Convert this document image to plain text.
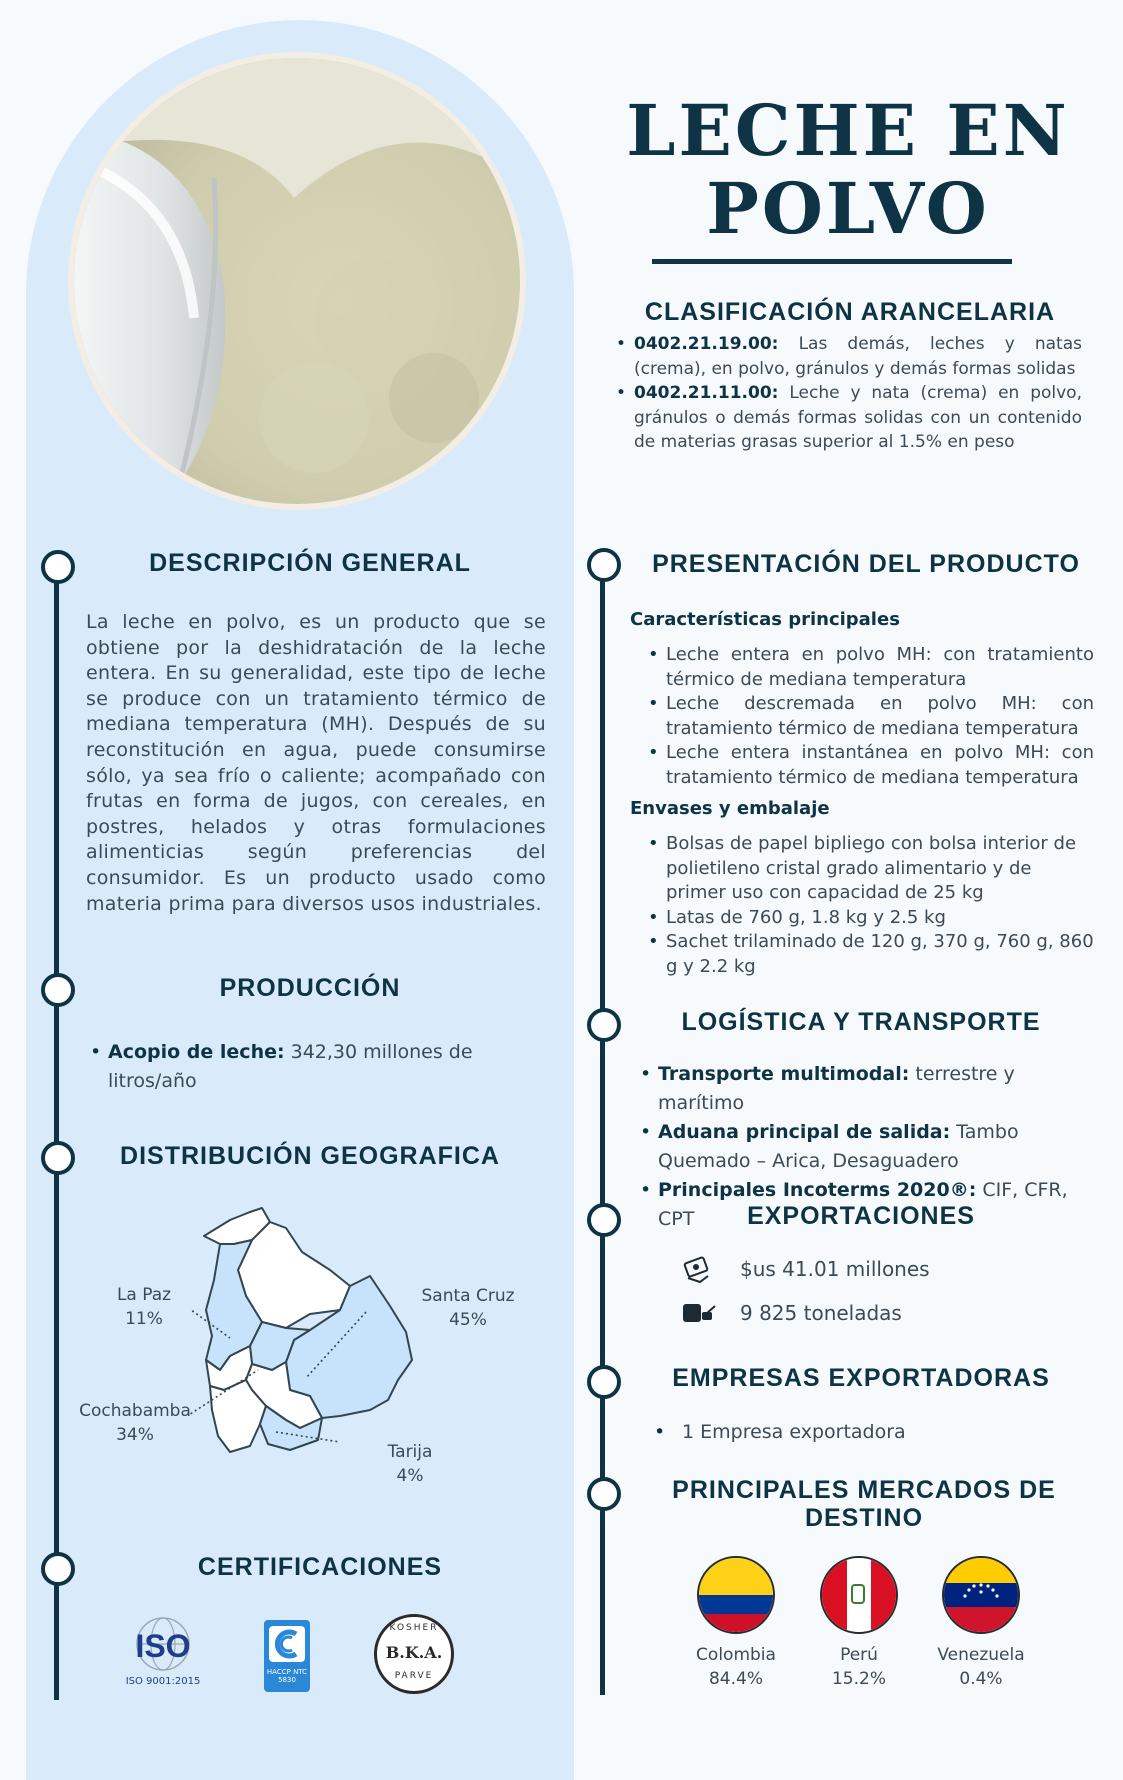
LECHE EN POLVO
CLASIFICACIÓN ARANCELARIA
• 0402.21.19.00: Las demás, leches y natas (crema), en polvo, gránulos y demás formas solidas
• 0402.21.11.00: Leche y nata (crema) en polvo, gránulos o demás formas solidas con un contenido de materias grasas superior al 1.5% en peso
DESCRIPCIÓN GENERAL
La leche en polvo, es un producto que se obtiene por la deshidratación de la leche entera. En su generalidad, este tipo de leche se produce con un tratamiento térmico de mediana temperatura (MH). Después de su reconstitución en agua, puede consumirse sólo, ya sea frío o caliente; acompañado con frutas en forma de jugos, con cereales, en postres, helados y otras formulaciones alimenticias según preferencias del consumidor. Es un producto usado como materia prima para diversos usos industriales.
PRODUCCIÓN
• Acopio de leche: 342,30 millones de litros/año
DISTRIBUCIÓN GEOGRAFICA
La Paz
11%
Santa Cruz
45%
Cochabamba
34%
Tarija
4%
CERTIFICACIONES
ISO
ISO 9001:2015
HACCP NTC 5830
KOSHER
B.K.A.
PARVE
PRESENTACIÓN DEL PRODUCTO
Características principales
• Leche entera en polvo MH: con tratamiento térmico de mediana temperatura
• Leche descremada en polvo MH: con tratamiento térmico de mediana temperatura
• Leche entera instantánea en polvo MH: con tratamiento térmico de mediana temperatura
Envases y embalaje
• Bolsas de papel bipliego con bolsa interior de polietileno cristal grado alimentario y de primer uso con capacidad de 25 kg
• Latas de 760 g, 1.8 kg y 2.5 kg
• Sachet trilaminado de 120 g, 370 g, 760 g, 860 g y 2.2 kg
LOGÍSTICA Y TRANSPORTE
• Transporte multimodal: terrestre y marítimo
• Aduana principal de salida: Tambo Quemado – Arica, Desaguadero
• Principales Incoterms 2020®: CIF, CFR, CPT	EXPORTACIONES
$us 41.01 millones
9 825 toneladas
EMPRESAS EXPORTADORAS
• 1 Empresa exportadora
PRINCIPALES MERCADOS DE DESTINO
Colombia
84.4%
Perú
15.2%
Venezuela
0.4%
